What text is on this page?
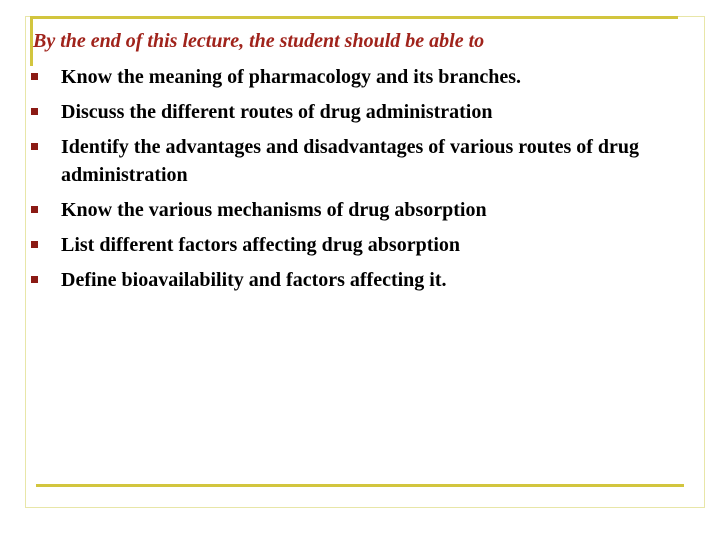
By the end of this lecture, the student should be able to
Know the meaning of pharmacology and its branches.
Discuss the different routes of drug administration
Identify the advantages and disadvantages of various routes of drug administration
Know the various mechanisms of drug absorption
List different factors affecting drug absorption
Define bioavailability and factors affecting it.
